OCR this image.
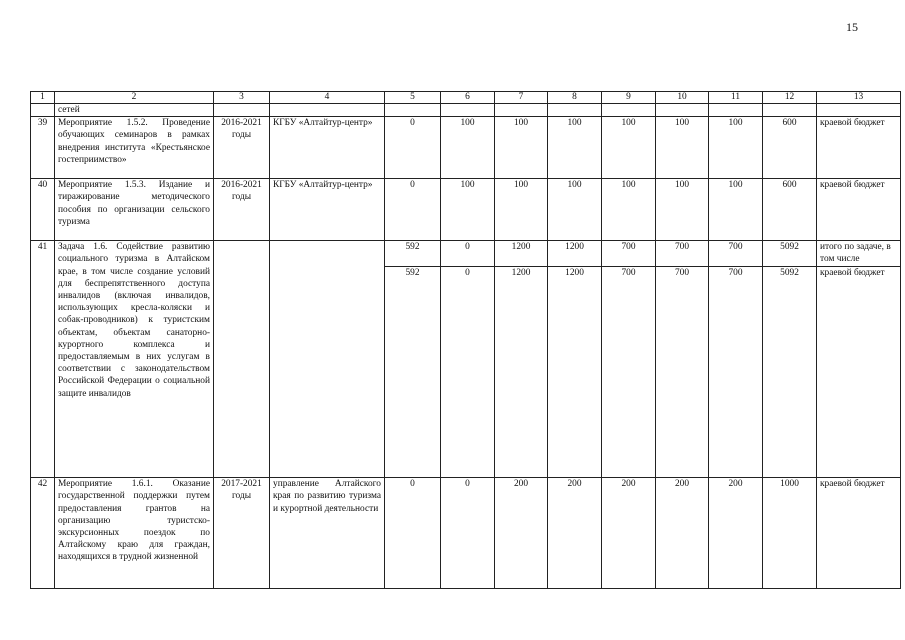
15
1	2	3	4	5	6	7	8	9	10	11	12	13
	сетей											
39	Мероприятие 1.5.2. Проведение обучающих семинаров в рамках внедрения института «Крестьянское гостеприимство»	2016-2021 годы	КГБУ «Алтайтур-центр»	0	100	100	100	100	100	100	600	краевой бюджет
40	Мероприятие 1.5.3. Издание и тиражирование методического пособия по организации сельского туризма	2016-2021 годы	КГБУ «Алтайтур-центр»	0	100	100	100	100	100	100	600	краевой бюджет
41	Задача 1.6. Содействие развитию социального туризма в Алтайском крае, в том числе создание условий для беспрепятственного доступа инвалидов (включая инвалидов, использующих кресла-коляски и собак-проводников) к туристским объектам, объектам санаторно-курортного комплекса и предоставляемым в них услугам в соответствии с законодательством Российской Федерации о социальной защите инвалидов			592	0	1200	1200	700	700	700	5092	итого по задаче, в том числе
				592	0	1200	1200	700	700	700	5092	краевой бюджет
42	Мероприятие 1.6.1. Оказание государственной поддержки путем предоставления грантов на организацию туристско-экскурсионных поездок по Алтайскому краю для граждан, находящихся в трудной жизненной	2017-2021 годы	управление Алтайского края по развитию туризма и курортной деятельности	0	0	200	200	200	200	200	1000	краевой бюджет
